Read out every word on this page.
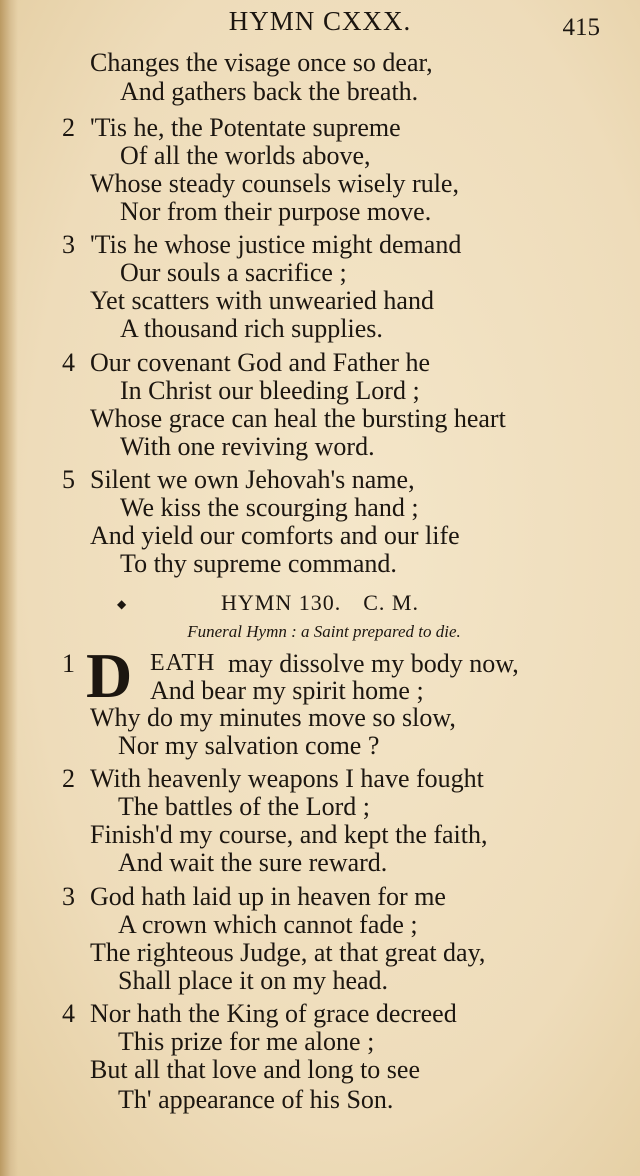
HYMN CXXX.	415
Changes the visage once so dear,
And gathers back the breath.
2 'Tis he, the Potentate supreme
Of all the worlds above,
Whose steady counsels wisely rule,
Nor from their purpose move.
3 'Tis he whose justice might demand
Our souls a sacrifice ;
Yet scatters with unwearied hand
A thousand rich supplies.
4 Our covenant God and Father he
In Christ our bleeding Lord ;
Whose grace can heal the bursting heart
With one reviving word.
5 Silent we own Jehovah's name,
We kiss the scourging hand ;
And yield our comforts and our life
To thy supreme command.
◆	HYMN 130. C. M.
Funeral Hymn : a Saint prepared to die.
1 D EATH may dissolve my body now,
And bear my spirit home ;
Why do my minutes move so slow,
Nor my salvation come ?
2 With heavenly weapons I have fought
The battles of the Lord ;
Finish'd my course, and kept the faith,
And wait the sure reward.
3 God hath laid up in heaven for me
A crown which cannot fade ;
The righteous Judge, at that great day,
Shall place it on my head.
4 Nor hath the King of grace decreed
This prize for me alone ;
But all that love and long to see
Th' appearance of his Son.
